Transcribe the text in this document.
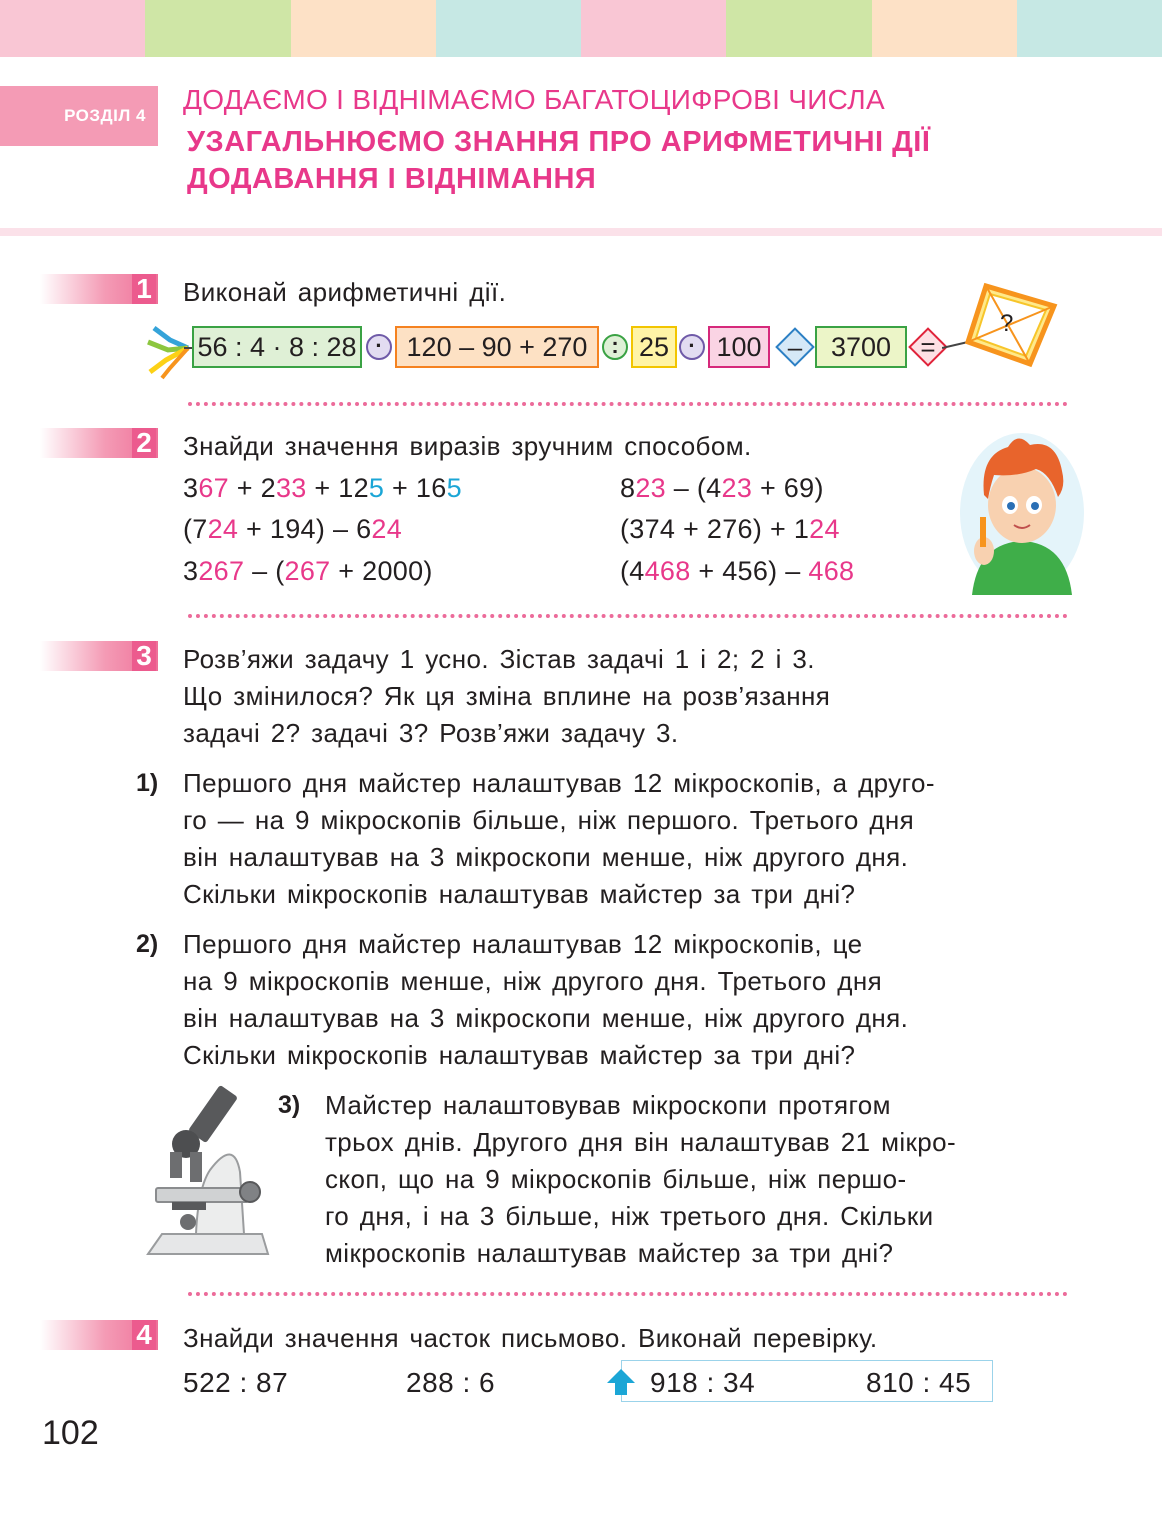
РОЗДІЛ 4
ДОДАЄМО І ВІДНІМАЄМО БАГАТОЦИФРОВІ ЧИСЛА
УЗАГАЛЬНЮЄМО ЗНАННЯ ПРО АРИФМЕТИЧНІ ДІЇ
ДОДАВАННЯ І ВІДНІМАННЯ
1 Виконай арифметичні дії.
56 : 4 · 8 : 28 · 120 – 90 + 270	: 25 · 100	–	3700	=
?
2 Знайди значення виразів зручним способом.
367 + 233 + 125 + 165	823 – (423 + 69)
(724 + 194) – 624	(374 + 276) + 124
3267 – (267 + 2000)	(4468 + 456) – 468
3 Розв’яжи задачу 1 усно. Зістав задачі 1 і 2; 2 і 3.
Що змінилося? Як ця зміна вплине на розв’язання
задачі 2? задачі 3? Розв’яжи задачу 3.
1) Першого дня майстер налаштував 12 мікроскопів, а друго-
го — на 9 мікроскопів більше, ніж першого. Третього дня
він налаштував на 3 мікроскопи менше, ніж другого дня.
Скільки мікроскопів налаштував майстер за три дні?
2) Першого дня майстер налаштував 12 мікроскопів, це
на 9 мікроскопів менше, ніж другого дня. Третього дня
він налаштував на 3 мікроскопи менше, ніж другого дня.
Скільки мікроскопів налаштував майстер за три дні?
3) Майстер налаштовував мікроскопи протягом
трьох днів. Другого дня він налаштував 21 мікро-
скоп, що на 9 мікроскопів більше, ніж першо-
го дня, і на 3 більше, ніж третього дня. Скільки
мікроскопів налаштував майстер за три дні?
4 Знайди значення часток письмово. Виконай перевірку.
522 : 87	288 : 6	918 : 34	810 : 45
102
